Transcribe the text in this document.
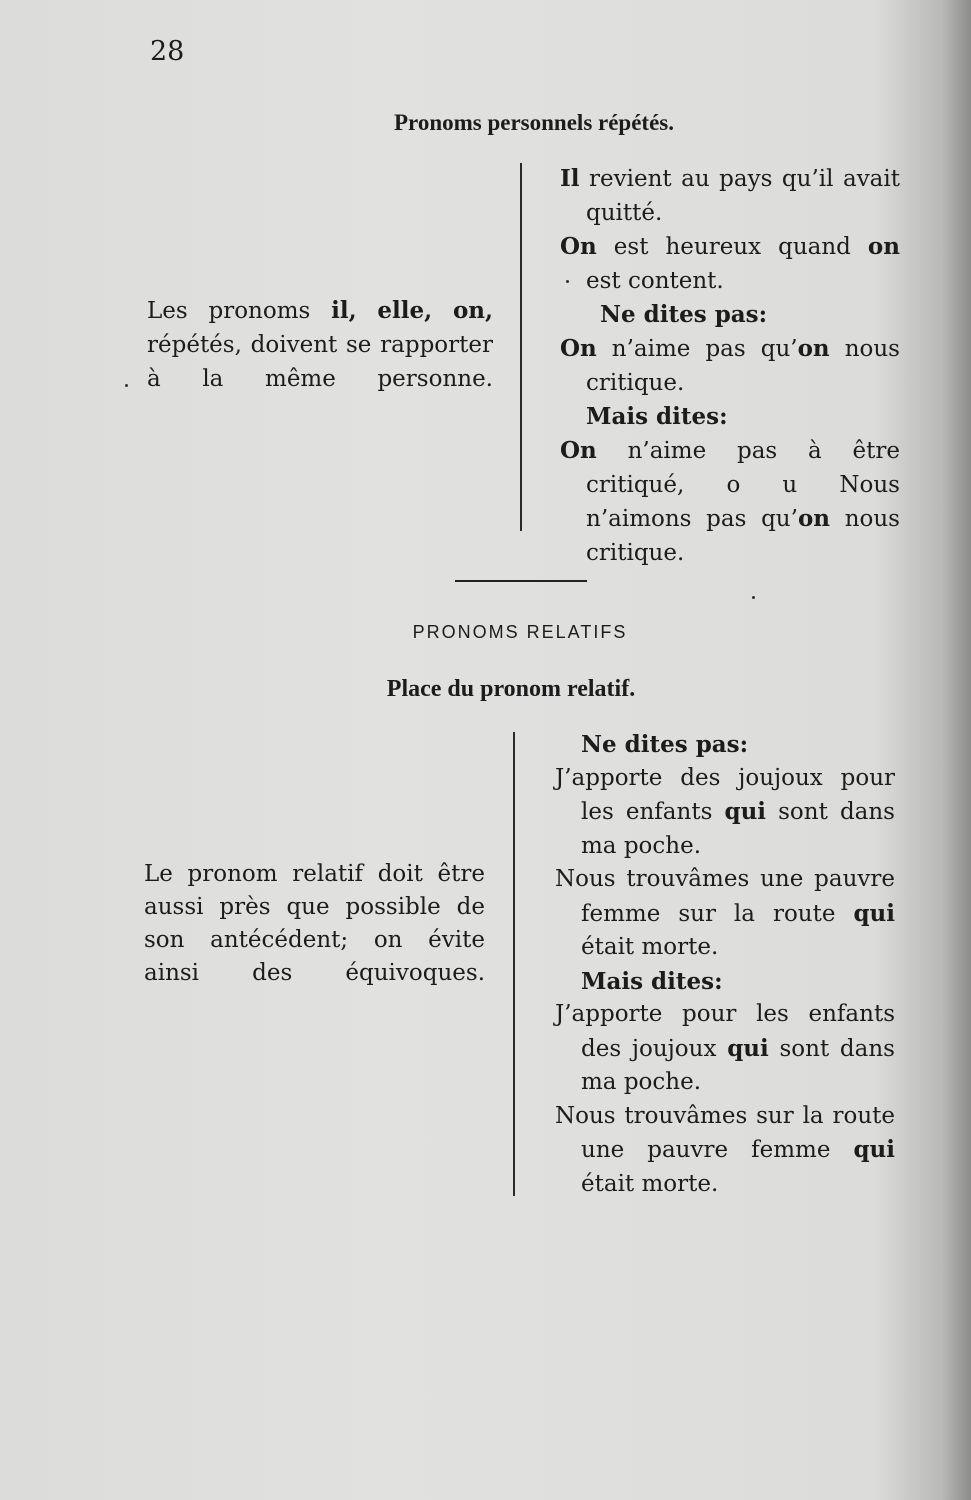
28
Pronoms personnels répétés.
Les pronoms il, elle, on, répétés, doivent se rapporter à la même personne.
Il revient au pays qu’il avait quitté.
On est heureux quand on est content.
Ne dites pas:
On n’aime pas qu’on nous critique.
Mais dites:
On n’aime pas à être critiqué, o u Nous n’aimons pas qu’on nous critique.
PRONOMS RELATIFS
Place du pronom relatif.
Le pronom relatif doit être aussi près que possible de son antécédent; on évite ainsi des équivoques.
Ne dites pas:
J’apporte des joujoux pour les enfants qui sont dans ma poche.
Nous trouvâmes une pauvre femme sur la route qui était morte.
Mais dites:
J’apporte pour les enfants des joujoux qui sont dans ma poche.
Nous trouvâmes sur la route une pauvre femme qui était morte.
